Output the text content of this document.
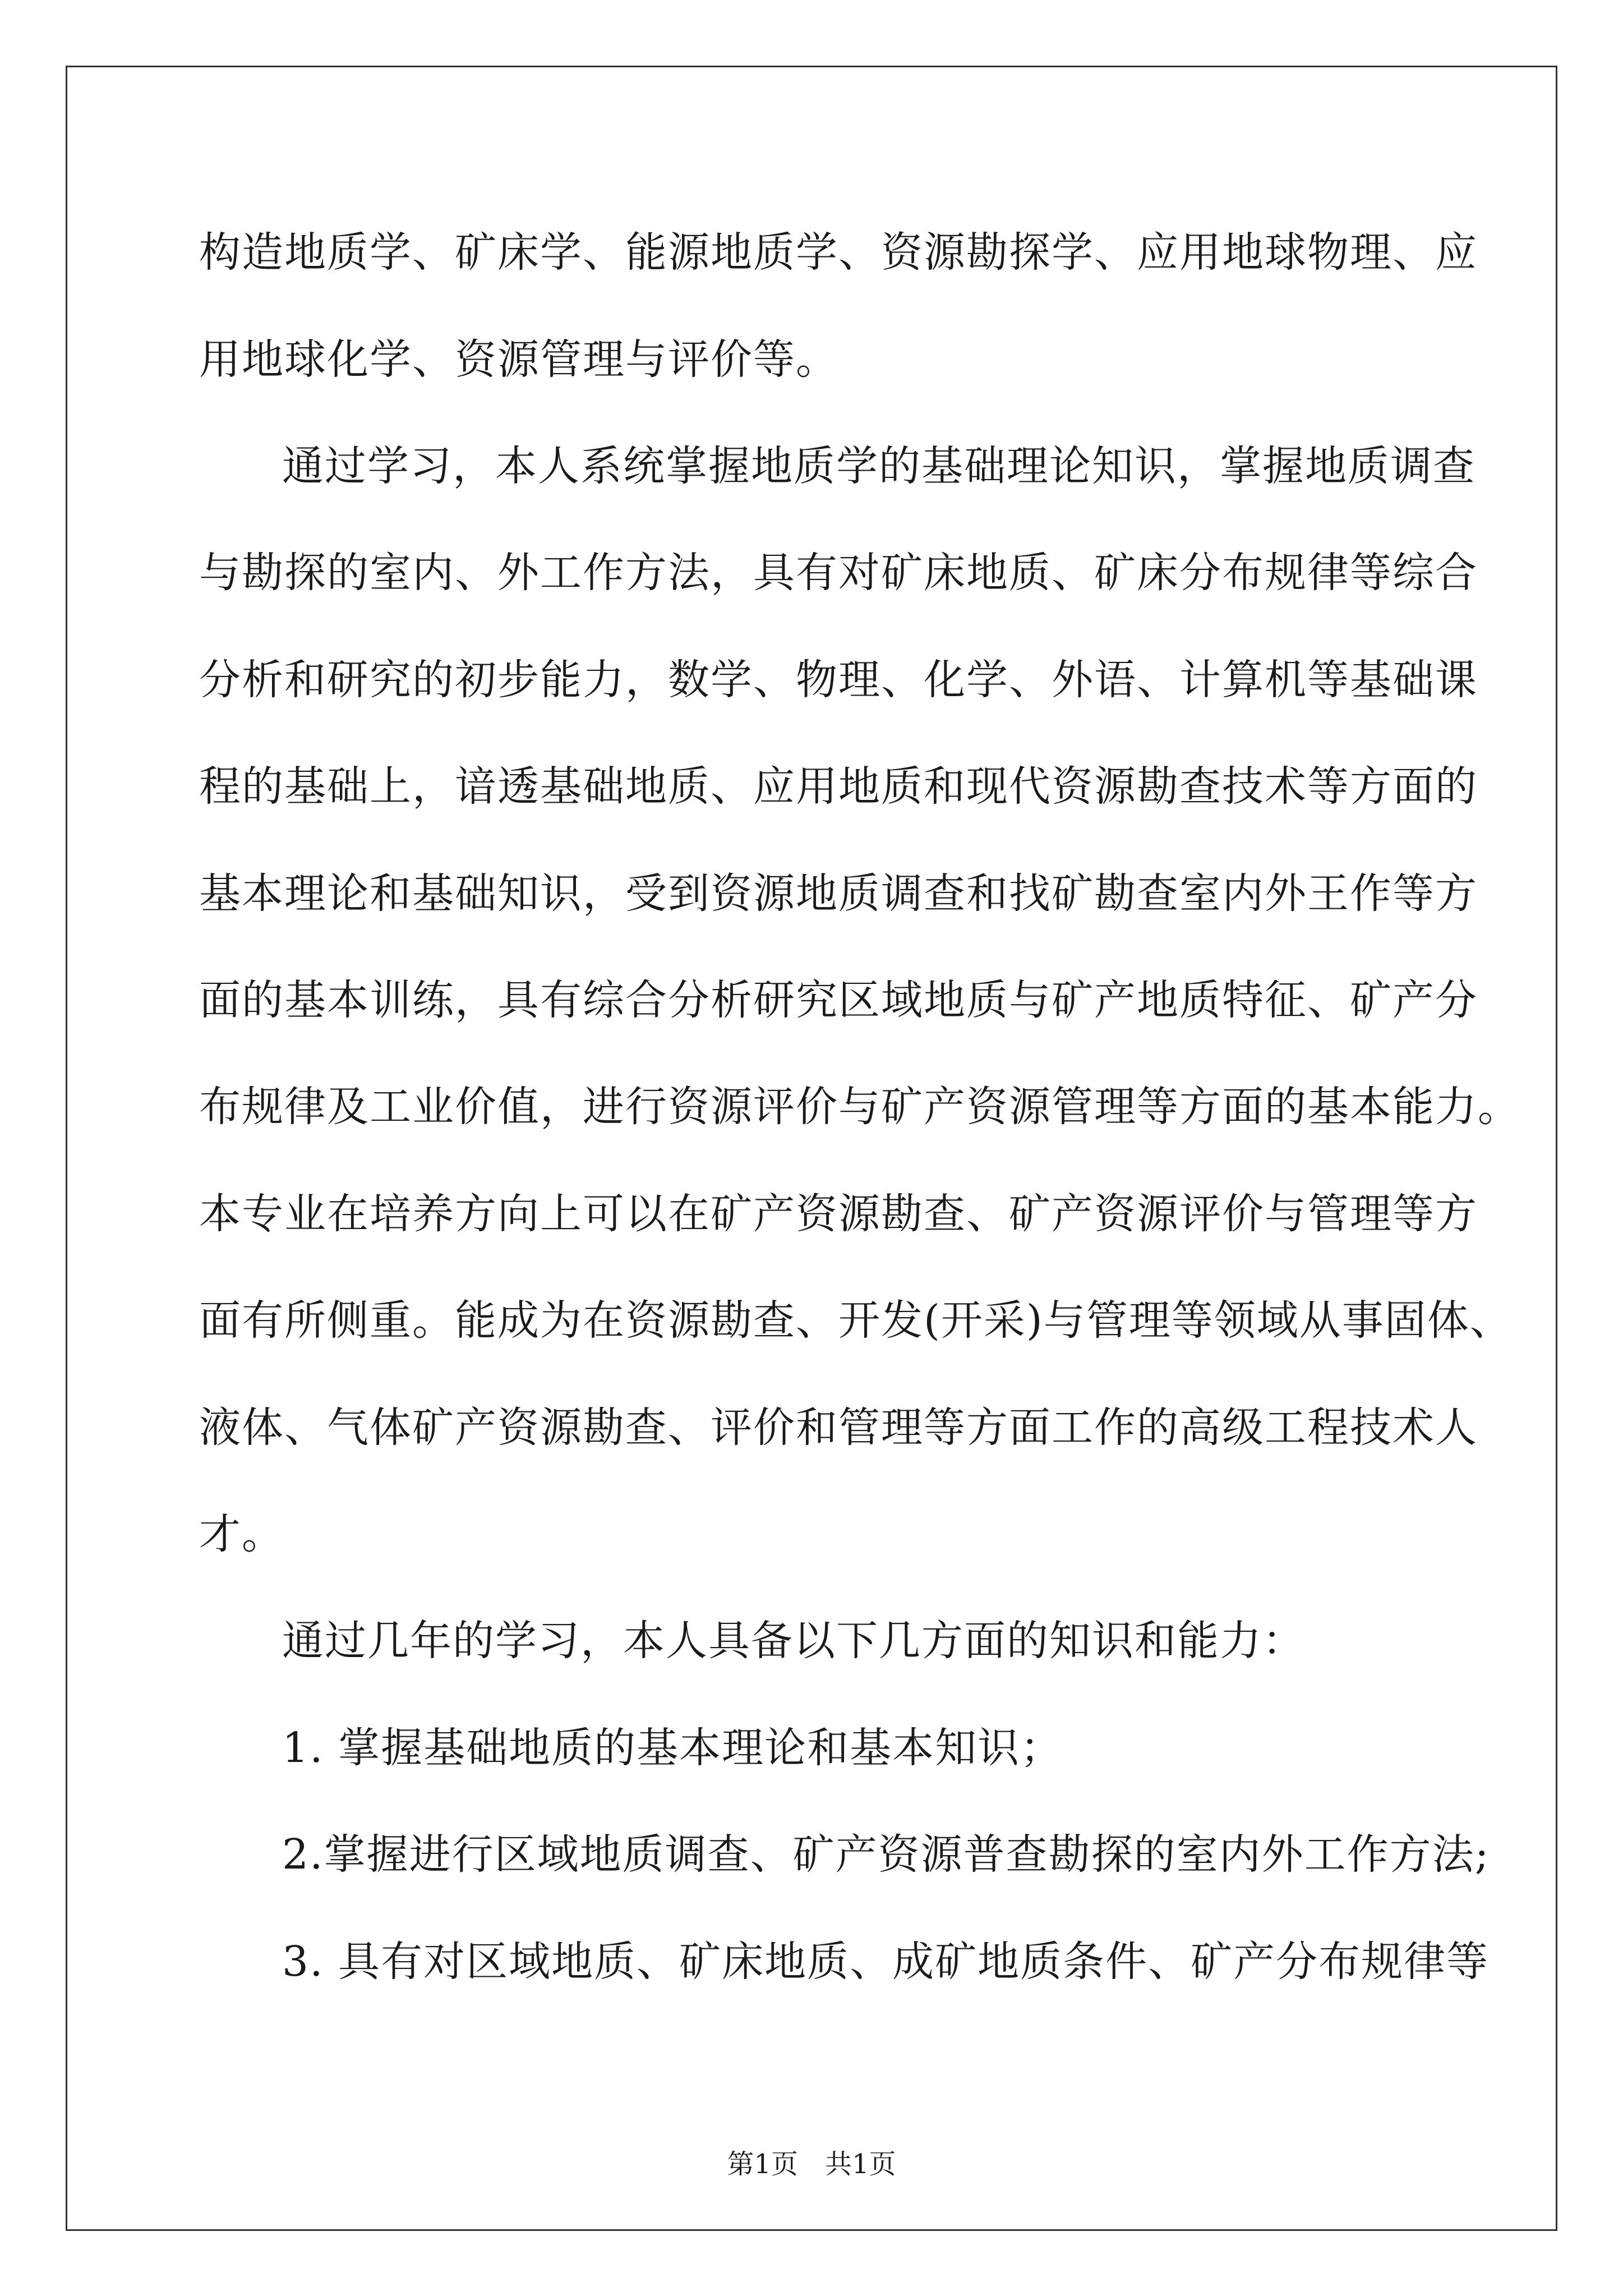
构造地质学、矿床学、能源地质学、资源勘探学、应用地球物理、应
用地球化学、资源管理与评价等。
通过学习，本人系统掌握地质学的基础理论知识，掌握地质调查
与勘探的室内、外工作方法，具有对矿床地质、矿床分布规律等综合
分析和研究的初步能力，数学、物理、化学、外语、计算机等基础课
程的基础上，谙透基础地质、应用地质和现代资源勘查技术等方面的
基本理论和基础知识，受到资源地质调查和找矿勘查室内外王作等方
面的基本训练，具有综合分析研究区域地质与矿产地质特征、矿产分
布规律及工业价值，进行资源评价与矿产资源管理等方面的基本能力。
本专业在培养方向上可以在矿产资源勘查、矿产资源评价与管理等方
面有所侧重。能成为在资源勘查、开发(开采)与管理等领域从事固体、
液体、气体矿产资源勘查、评价和管理等方面工作的高级工程技术人
才。
通过几年的学习，本人具备以下几方面的知识和能力：
1. 掌握基础地质的基本理论和基本知识；
2.掌握进行区域地质调查、矿产资源普查勘探的室内外工作方法;
3. 具有对区域地质、矿床地质、成矿地质条件、矿产分布规律等
第1页　共1页
